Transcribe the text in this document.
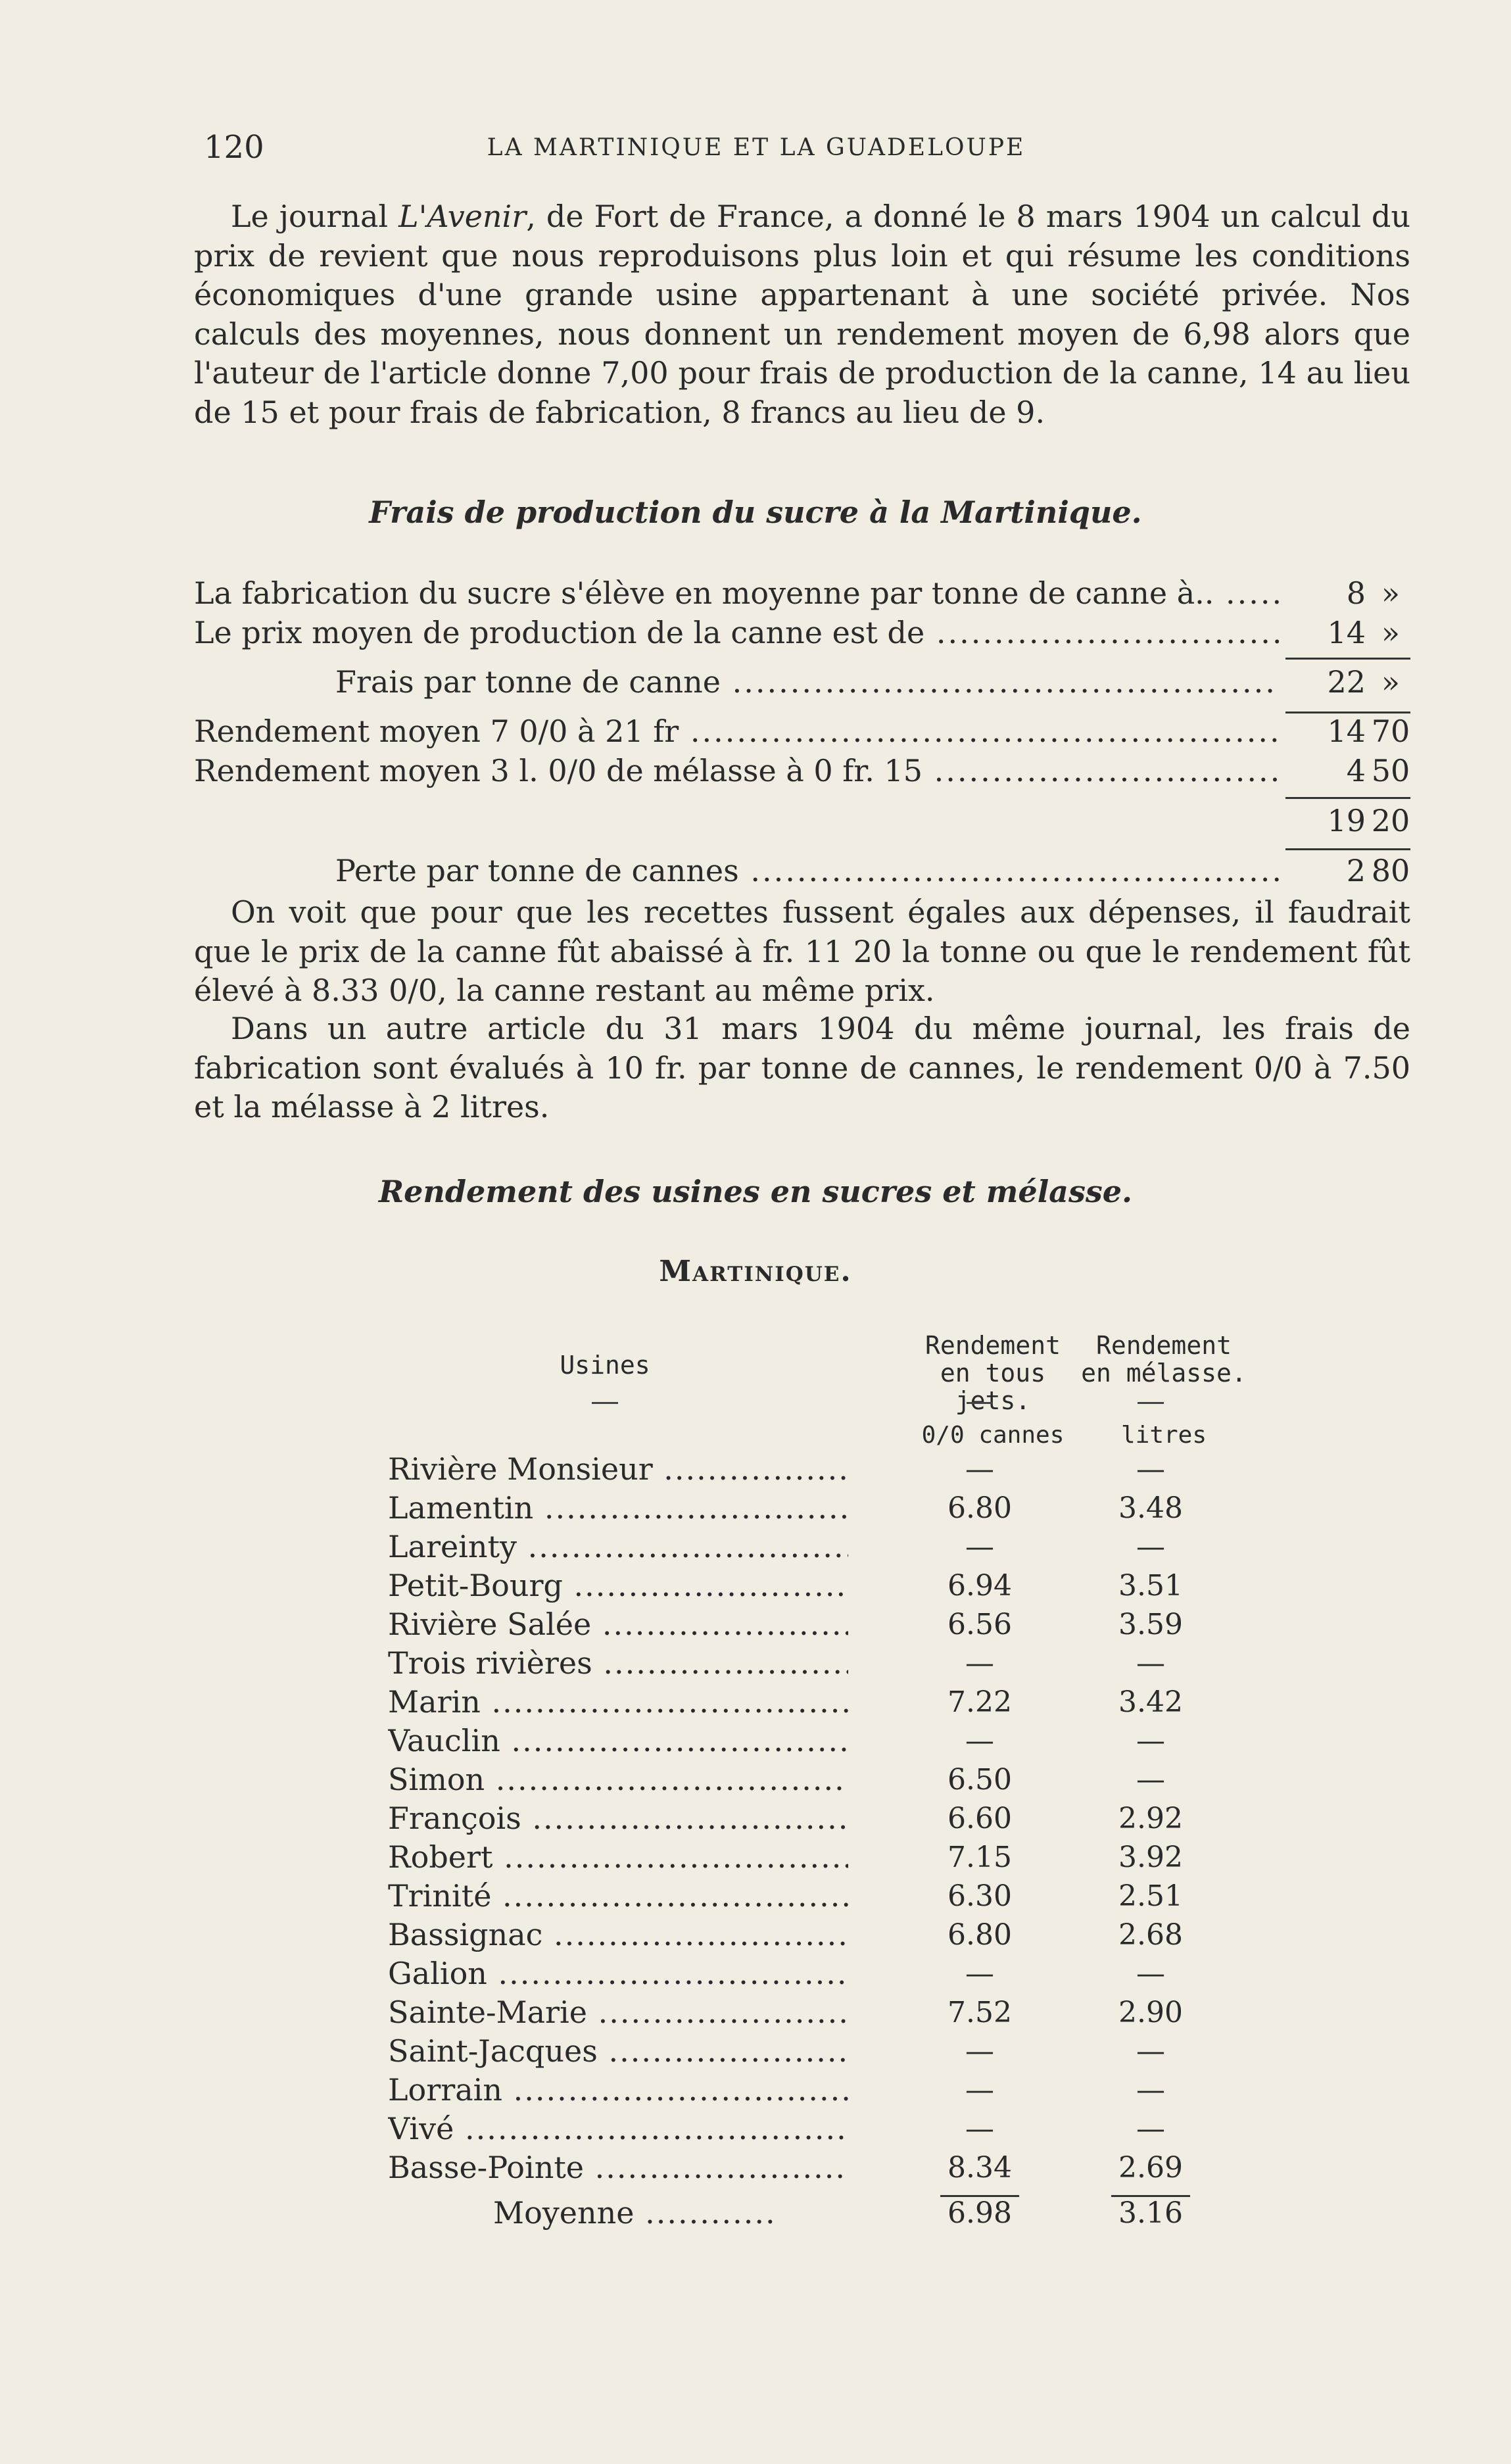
120	LA MARTINIQUE ET LA GUADELOUPE

Le journal L'Avenir, de Fort de France, a donné le 8 mars 1904 un calcul du prix de revient que nous reproduisons plus loin et qui résume les conditions économiques d'une grande usine appartenant à une société privée. Nos calculs des moyennes, nous donnent un rendement moyen de 6,98 alors que l'auteur de l'article donne 7,00 pour frais de production de la canne, 14 au lieu de 15 et pour frais de fabrication, 8 francs au lieu de 9.

Frais de production du sucre à la Martinique.
La fabrication du sucre s'élève en moyenne par tonne de canne à.. .....	8 »
Le prix moyen de production de la canne est de .....	14 »
Frais par tonne de canne .....	22 »
Rendement moyen 7 0/0 à 21 fr .....	14 70
Rendement moyen 3 l. 0/0 de mélasse à 0 fr. 15 .....	4 50
19 20
Perte par tonne de cannes .....	2 80

On voit que pour que les recettes fussent égales aux dépenses, il faudrait que le prix de la canne fût abaissé à fr. 11 20 la tonne ou que le rendement fût élevé à 8.33 0/0, la canne restant au même prix.

Dans un autre article du 31 mars 1904 du même journal, les frais de fabrication sont évalués à 10 fr. par tonne de cannes, le rendement 0/0 à 7.50 et la mélasse à 2 litres.

Rendement des usines en sucres et mélasse.
Martinique.
Usines
Rendement
en tous jets.
Rendement
en mélasse.
0/0 cannes	litres
Rivière Monsieur .....	—	—
Lamentin .....	6.80	3.48
Lareinty .....	—	—
Petit-Bourg .....	6.94	3.51
Rivière Salée .....	6.56	3.59
Trois rivières .....	—	—
Marin .....	7.22	3.42
Vauclin .....	—	—
Simon .....	6.50	—
François .....	6.60	2.92
Robert .....	7.15	3.92
Trinité .....	6.30	2.51
Bassignac .....	6.80	2.68
Galion .....	—	—
Sainte-Marie .....	7.52	2.90
Saint-Jacques .....	—	—
Lorrain .....	—	—
Vivé .....	—	—
Basse-Pointe .....	8.34	2.69
Moyenne .....	6.98	3.16
